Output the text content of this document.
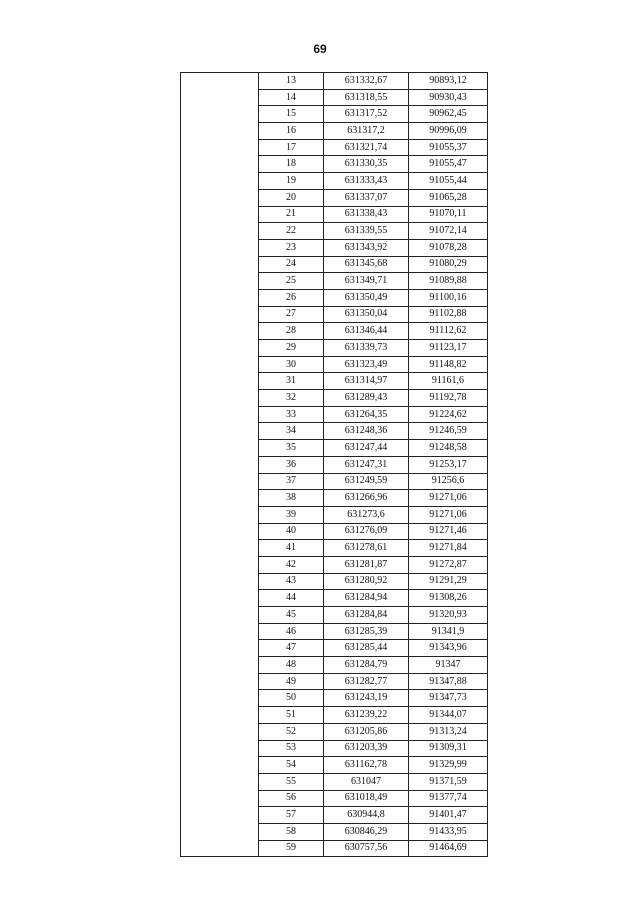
69
	13	631332,67	90893,12
	14	631318,55	90930,43
	15	631317,52	90962,45
	16	631317,2	90996,09
	17	631321,74	91055,37
	18	631330,35	91055,47
	19	631333,43	91055,44
	20	631337,07	91065,28
	21	631338,43	91070,11
	22	631339,55	91072,14
	23	631343,92	91078,28
	24	631345,68	91080,29
	25	631349,71	91089,88
	26	631350,49	91100,16
	27	631350,04	91102,88
	28	631346,44	91112,62
	29	631339,73	91123,17
	30	631323,49	91148,82
	31	631314,97	91161,6
	32	631289,43	91192,78
	33	631264,35	91224,62
	34	631248,36	91246,59
	35	631247,44	91248,58
	36	631247,31	91253,17
	37	631249,59	91256,6
	38	631266,96	91271,06
	39	631273,6	91271,06
	40	631276,09	91271,46
	41	631278,61	91271,84
	42	631281,87	91272,87
	43	631280,92	91291,29
	44	631284,94	91308,26
	45	631284,84	91320,93
	46	631285,39	91341,9
	47	631285,44	91343,96
	48	631284,79	91347
	49	631282,77	91347,88
	50	631243,19	91347,73
	51	631239,22	91344,07
	52	631205,86	91313,24
	53	631203,39	91309,31
	54	631162,78	91329,99
	55	631047	91371,59
	56	631018,49	91377,74
	57	630944,8	91401,47
	58	630846,29	91433,95
	59	630757,56	91464,69
